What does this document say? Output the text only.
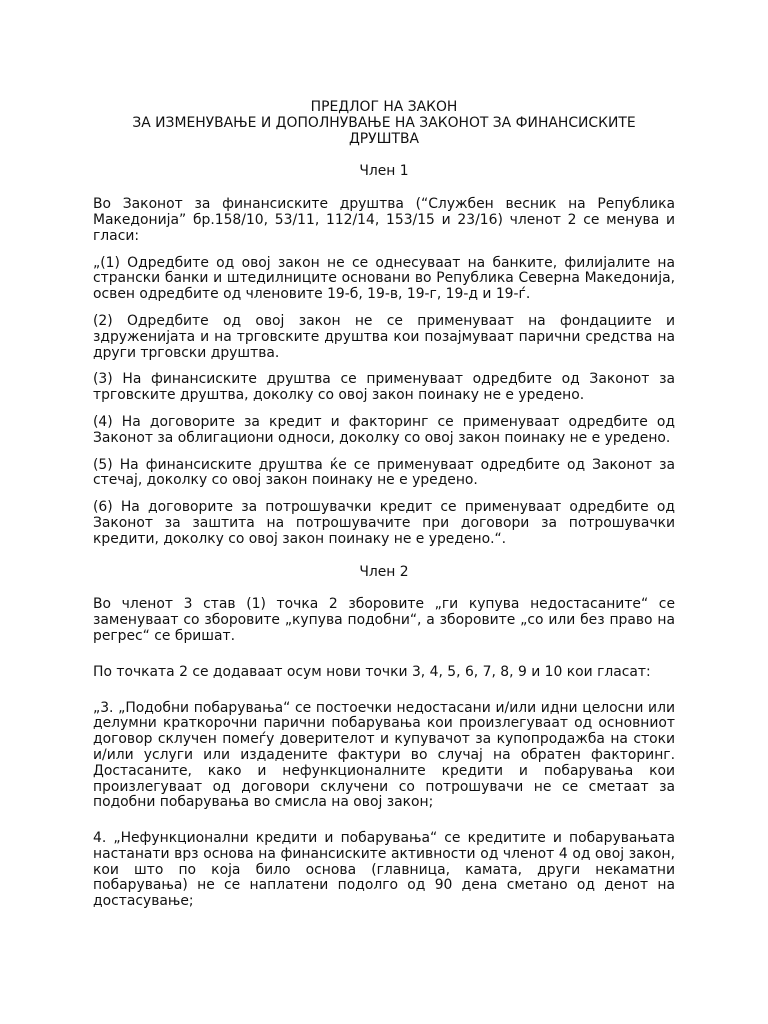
ПРЕДЛОГ НА ЗАКОН

ЗА ИЗМЕНУВАЊЕ И ДОПОЛНУВАЊЕ НА ЗАКОНОТ ЗА ФИНАНСИСКИТЕ

ДРУШТВА

Член 1

Во Законот за финансиските друштва (“Службен весник на Република Македонија” бр.158/10, 53/11, 112/14, 153/15 и 23/16) членот 2 се менува и гласи:

„(1) Одредбите од овој закон не се однесуваат на банките, филијалите на странски банки и штедилниците основани во Република Северна Македонија, освен одредбите од членовите 19-б, 19-в, 19-г, 19-д и 19-ѓ.

(2) Одредбите од овој закон не се применуваат на фондациите и здруженијата и на трговските друштва кои позајмуваат парични средства на други трговски друштва.

(3) На финансиските друштва се применуваат одредбите од Законот за трговските друштва, доколку со овој закон поинаку не е уредено.

(4) На договорите за кредит и факторинг се применуваат одредбите од Законот за облигациони односи, доколку со овој закон поинаку не е уредено.

(5) На финансиските друштва ќе се применуваат одредбите од Законот за стечај, доколку со овој закон поинаку не е уредено.

(6) На договорите за потрошувачки кредит се применуваат одредбите од Законот за заштита на потрошувачите при договори за потрошувачки кредити, доколку со овој закон поинаку не е уредено.“.

Член 2

Во членот 3 став (1) точка 2 зборовите „ги купува недостасаните“ се заменуваат со зборовите „купува подобни“, а зборовите „со или без право на регрес“ се бришат.

По точката 2 се додаваат осум нови точки 3, 4, 5, 6, 7, 8, 9 и 10 кои гласат:

„3. „Подобни побарувања“ се постоечки недостасани и/или идни целосни или делумни краткорочни парични побарувања кои произлегуваат од основниот договор склучен помеѓу доверителот и купувачот за купопродажба на стоки и/или услуги или издадените фактури во случај на обратен факторинг. Достасаните, како и нефункционалните кредити и побарувања кои произлегуваат од договори склучени со потрошувачи не се сметаат за подобни побарувања во смисла на овој закон;

4. „Нефункционални кредити и побарувања“ се кредитите и побарувањата настанати врз основа на финансиските активности од членот 4 од овој закон, кои што по која било основа (главница, камата, други некаматни побарувања) не се наплатени подолго од 90 дена сметано од денот на достасување;
